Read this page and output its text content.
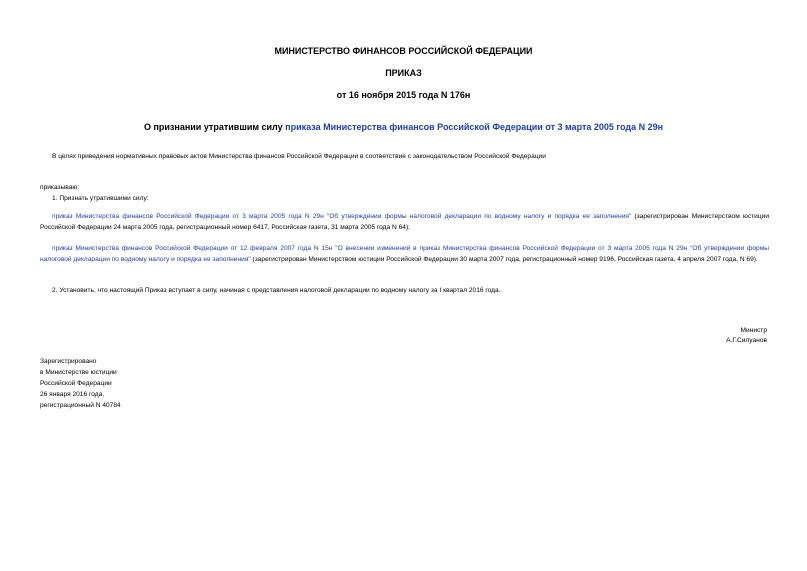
МИНИСТЕРСТВО ФИНАНСОВ РОССИЙСКОЙ ФЕДЕРАЦИИ
ПРИКАЗ
от 16 ноября 2015 года N 176н
О признании утратившим силу приказа Министерства финансов Российской Федерации от 3 марта 2005 года N 29н
В целях приведения нормативных правовых актов Министерства финансов Российской Федерации в соответствие с законодательством Российской Федерации
приказываю:
1. Признать утратившими силу:
приказ Министерства финансов Российской Федерации от 3 марта 2005 года N 29н "Об утверждении формы налоговой декларации по водному налогу и порядка ее заполнения" (зарегистрирован Министерством юстиции Российской Федерации 24 марта 2005 года, регистрационный номер 6417, Российская газета, 31 марта 2005 года N 64);
приказ Министерства финансов Российской Федерации от 12 февраля 2007 года N 15н "О внесении изменений в приказ Министерства финансов Российской Федерации от 3 марта 2005 года N 29н "Об утверждении формы налоговой декларации по водному налогу и порядка ее заполнения" (зарегистрирован Министерством юстиции Российской Федерации 30 марта 2007 года, регистрационный номер 9196, Российская газета, 4 апреля 2007 года, N 69).
2. Установить, что настоящий Приказ вступает в силу, начиная с представления налоговой декларации по водному налогу за I квартал 2016 года.
Министр
А.Г.Силуанов
Зарегистрировано
в Министерстве юстиции
Российской Федерации
26 января 2016 года,
регистрационный N 40784
